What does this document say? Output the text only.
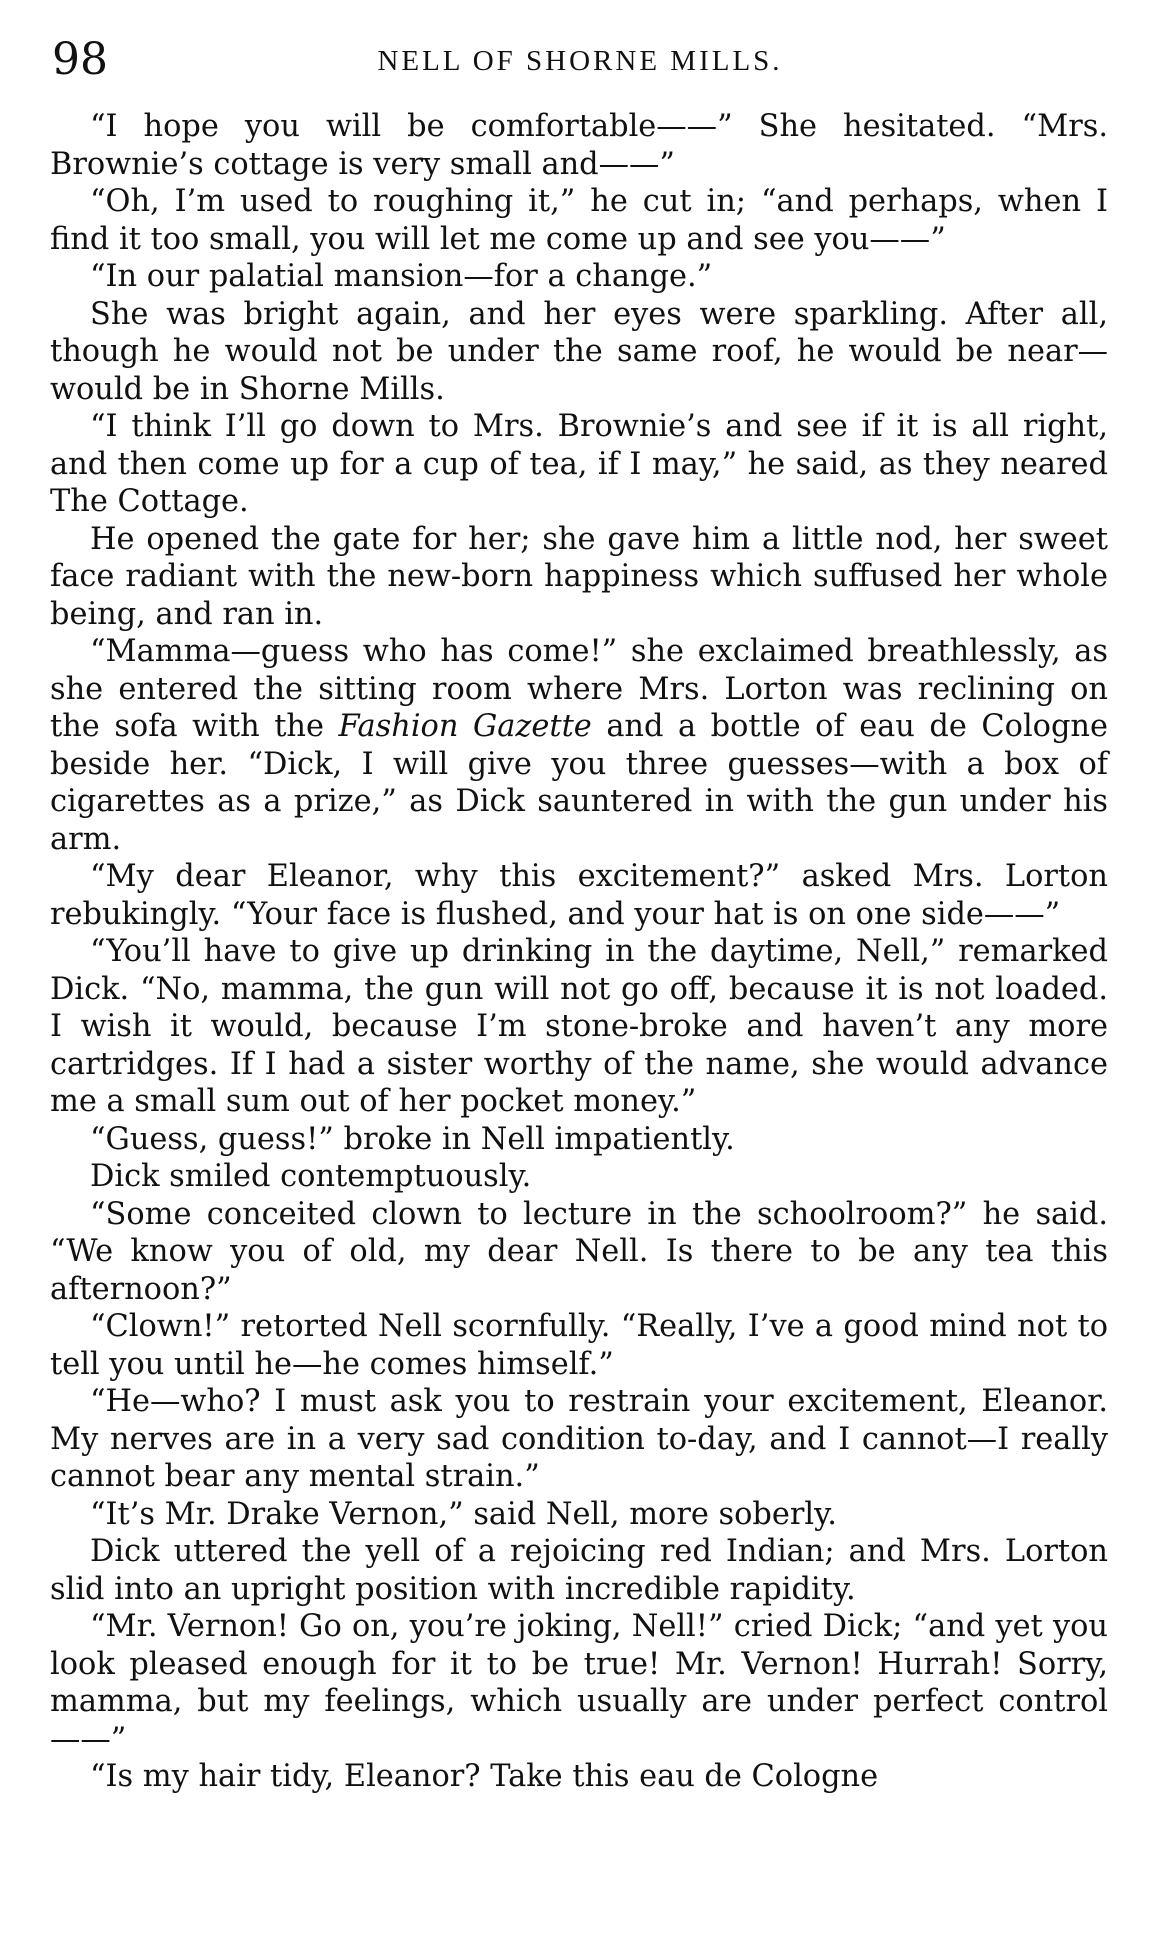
98	NELL OF SHORNE MILLS.

“I hope you will be comfortable——” She hesitated. “Mrs. Brownie’s cottage is very small and——”

“Oh, I’m used to roughing it,” he cut in; “and perhaps, when I find it too small, you will let me come up and see you——”

“In our palatial mansion—for a change.”

She was bright again, and her eyes were sparkling. After all, though he would not be under the same roof, he would be near—would be in Shorne Mills.

“I think I’ll go down to Mrs. Brownie’s and see if it is all right, and then come up for a cup of tea, if I may,” he said, as they neared The Cottage.

He opened the gate for her; she gave him a little nod, her sweet face radiant with the new-born happiness which suffused her whole being, and ran in.

“Mamma—guess who has come!” she exclaimed breathlessly, as she entered the sitting room where Mrs. Lorton was reclining on the sofa with the Fashion Gazette and a bottle of eau de Cologne beside her. “Dick, I will give you three guesses—with a box of cigarettes as a prize,” as Dick sauntered in with the gun under his arm.

“My dear Eleanor, why this excitement?” asked Mrs. Lorton rebukingly. “Your face is flushed, and your hat is on one side——”

“You’ll have to give up drinking in the daytime, Nell,” remarked Dick. “No, mamma, the gun will not go off, because it is not loaded. I wish it would, because I’m stone-broke and haven’t any more cartridges. If I had a sister worthy of the name, she would advance me a small sum out of her pocket money.”

“Guess, guess!” broke in Nell impatiently.

Dick smiled contemptuously.

“Some conceited clown to lecture in the schoolroom?” he said. “We know you of old, my dear Nell. Is there to be any tea this afternoon?”

“Clown!” retorted Nell scornfully. “Really, I’ve a good mind not to tell you until he—he comes himself.”

“He—who? I must ask you to restrain your excitement, Eleanor. My nerves are in a very sad condition to-day, and I cannot—I really cannot bear any mental strain.”

“It’s Mr. Drake Vernon,” said Nell, more soberly.

Dick uttered the yell of a rejoicing red Indian; and Mrs. Lorton slid into an upright position with incredible rapidity.

“Mr. Vernon! Go on, you’re joking, Nell!” cried Dick; “and yet you look pleased enough for it to be true! Mr. Vernon! Hurrah! Sorry, mamma, but my feelings, which usually are under perfect control——”

“Is my hair tidy, Eleanor? Take this eau de Cologne
